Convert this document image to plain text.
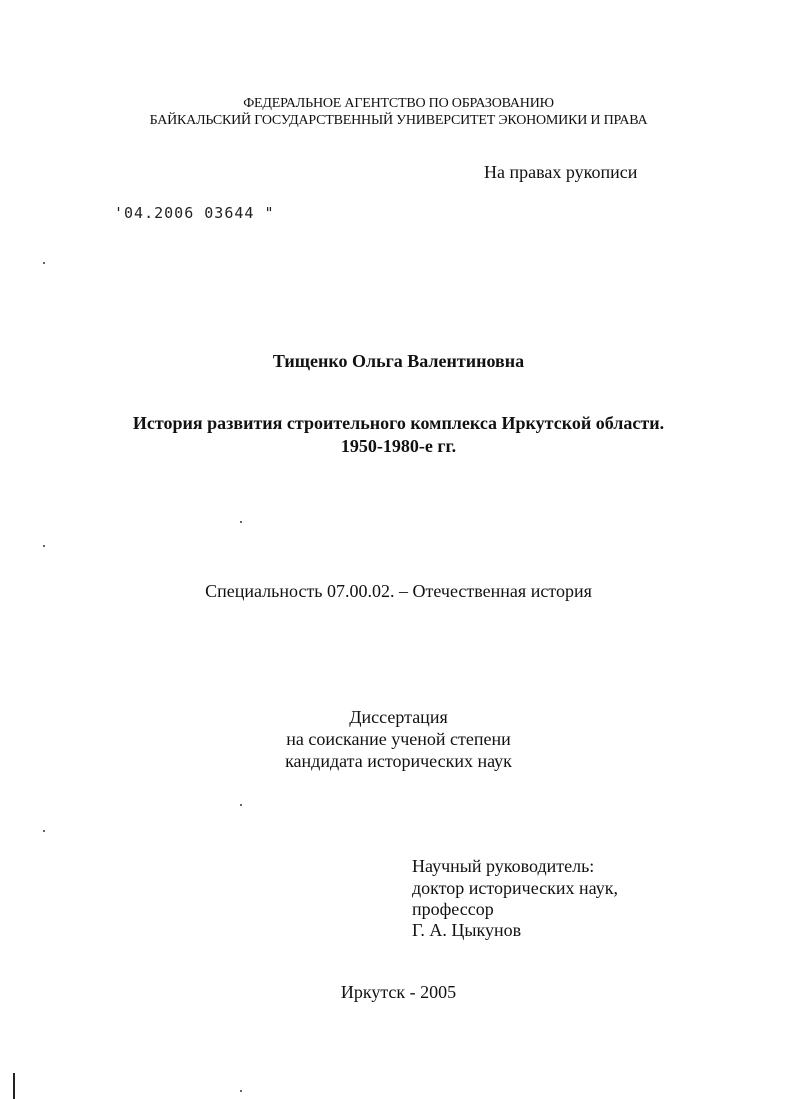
ФЕДЕРАЛЬНОЕ АГЕНТСТВО ПО ОБРАЗОВАНИЮ
БАЙКАЛЬСКИЙ ГОСУДАРСТВЕННЫЙ УНИВЕРСИТЕТ ЭКОНОМИКИ И ПРАВА
На правах рукописи
'04.2006 03644 "
Тищенко Ольга Валентиновна
История развития строительного комплекса Иркутской области.
1950-1980-е гг.
Специальность 07.00.02. – Отечественная история
Диссертация
на соискание ученой степени
кандидата исторических наук
Научный руководитель:
доктор исторических наук,
профессор
Г. А. Цыкунов
Иркутск - 2005
